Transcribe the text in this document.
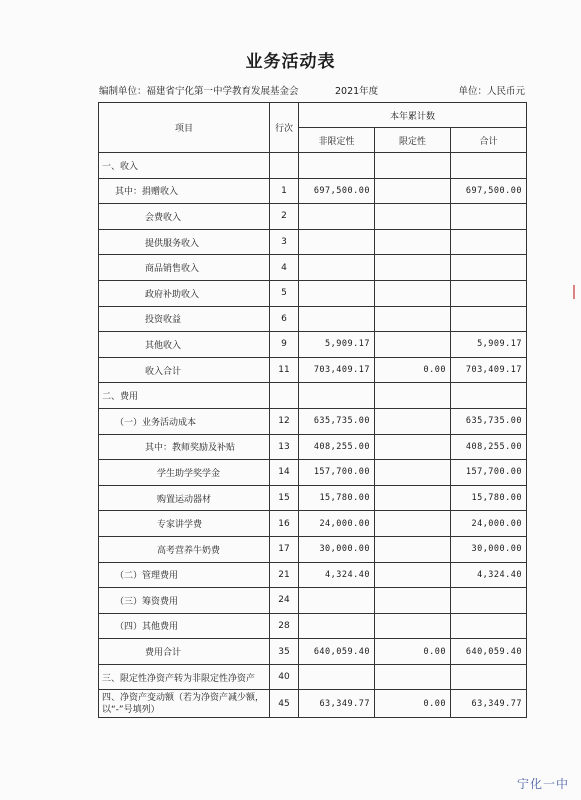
业务活动表
编制单位：福建省宁化第一中学教育发展基金会	2021年度	单位：人民币元
项目	行次	本年累计数		
		非限定性	限定性	合计
一、收入				
其中：捐赠收入	1	697,500.00		697,500.00
会费收入	2			
提供服务收入	3			
商品销售收入	4			
政府补助收入	5			
投资收益	6			
其他收入	9	5,909.17		5,909.17
收入合计	11	703,409.17	0.00	703,409.17
二、费用				
（一）业务活动成本	12	635,735.00		635,735.00
其中：教师奖励及补贴	13	408,255.00		408,255.00
学生助学奖学金	14	157,700.00		157,700.00
购置运动器材	15	15,780.00		15,780.00
专家讲学费	16	24,000.00		24,000.00
高考营养牛奶费	17	30,000.00		30,000.00
（二）管理费用	21	4,324.40		4,324.40
（三）筹资费用	24			
（四）其他费用	28			
费用合计	35	640,059.40	0.00	640,059.40
三、限定性净资产转为非限定性净资产	40			
四、净资产变动额（若为净资产减少额，以“-”号填列）	45	63,349.77	0.00	63,349.77
宁化一中
